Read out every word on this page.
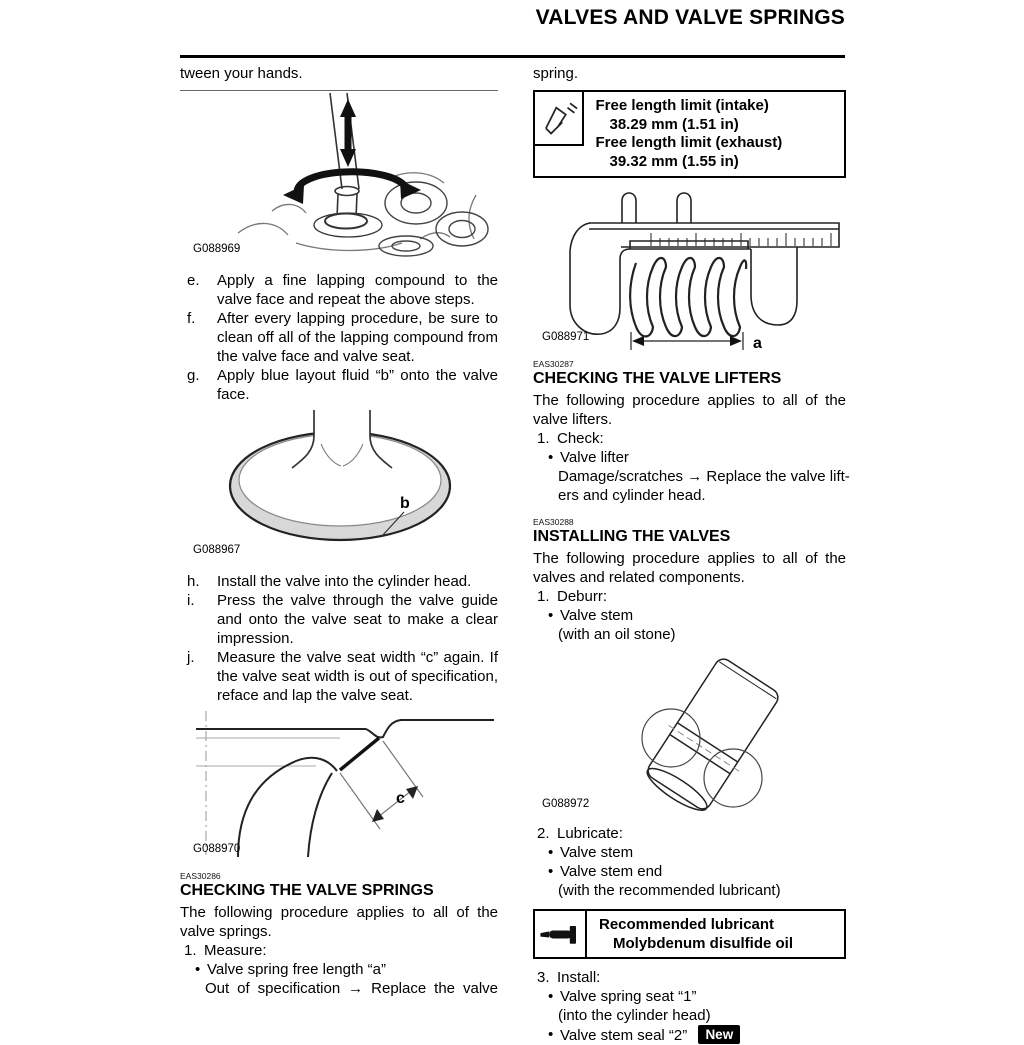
VALVES AND VALVE SPRINGS
tween your hands.
G088969
e. Apply a fine lapping compound to the
valve face and repeat the above steps.
f. After every lapping procedure, be sure to
clean off all of the lapping compound from
the valve face and valve seat.
g. Apply blue layout fluid “b” onto the valve
face.
b
G088967
h. Install the valve into the cylinder head.
i. Press the valve through the valve guide
and onto the valve seat to make a clear
impression.
j. Measure the valve seat width “c” again. If
the valve seat width is out of specification,
reface and lap the valve seat.
c
G088970
EAS30286
CHECKING THE VALVE SPRINGS
The following procedure applies to all of the
valve springs.
1. Measure:
• Valve spring free length “a”
Out of specification → Replace the valve
spring.
Free length limit (intake)
38.29 mm (1.51 in)
Free length limit (exhaust)
39.32 mm (1.55 in)
a
G088971
EAS30287
CHECKING THE VALVE LIFTERS
The following procedure applies to all of the
valve lifters.
1. Check:
• Valve lifter
Damage/scratches → Replace the valve lift-
ers and cylinder head.
EAS30288
INSTALLING THE VALVES
The following procedure applies to all of the
valves and related components.
1. Deburr:
• Valve stem
(with an oil stone)
G088972
2. Lubricate:
• Valve stem
• Valve stem end
(with the recommended lubricant)
Recommended lubricant
Molybdenum disulfide oil
3. Install:
• Valve spring seat “1”
(into the cylinder head)
• Valve stem seal “2” New
